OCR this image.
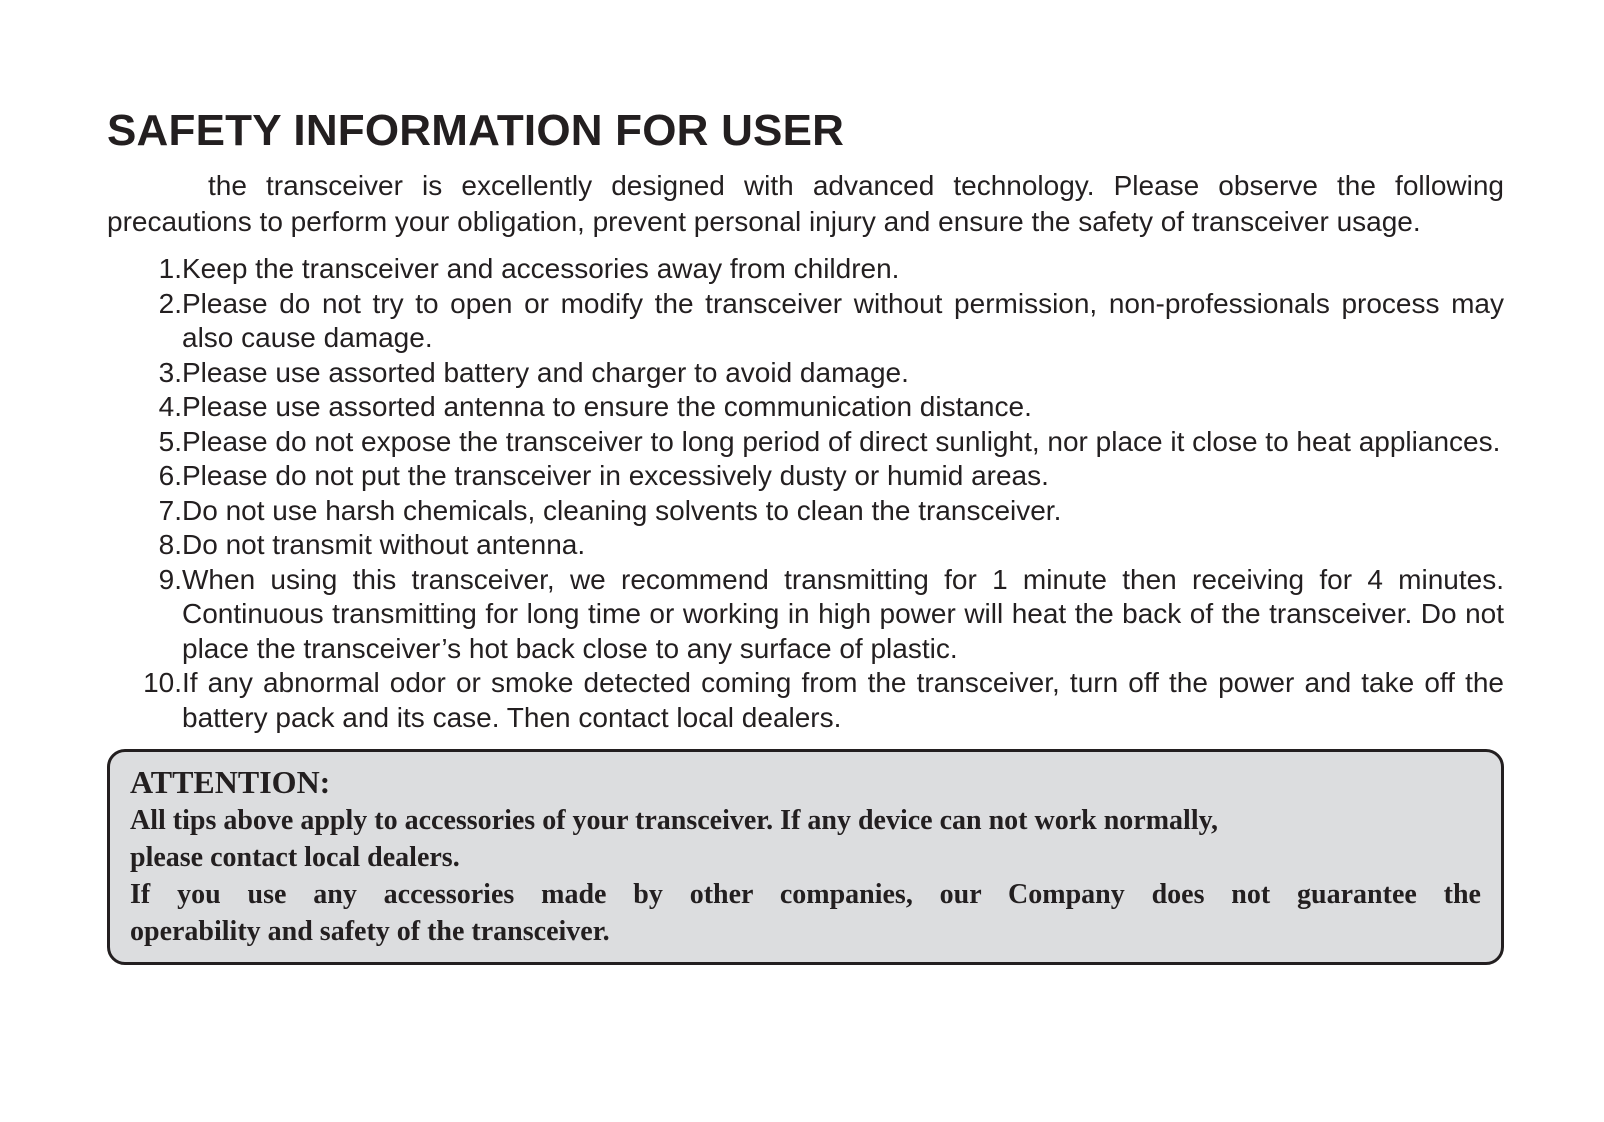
SAFETY INFORMATION FOR USER

the transceiver is excellently designed with advanced technology. Please observe the following precautions to perform your obligation, prevent personal injury and ensure the safety of transceiver usage.

1. Keep the transceiver and accessories away from children.
2. Please do not try to open or modify the transceiver without permission, non-professionals process may also cause damage.
3. Please use assorted battery and charger to avoid damage.
4. Please use assorted antenna to ensure the communication distance.
5. Please do not expose the transceiver to long period of direct sunlight, nor place it close to heat appliances.
6. Please do not put the transceiver in excessively dusty or humid areas.
7. Do not use harsh chemicals, cleaning solvents to clean the transceiver.
8. Do not transmit without antenna.
9. When using this transceiver, we recommend transmitting for 1 minute then receiving for 4 minutes. Continuous transmitting for long time or working in high power will heat the back of the transceiver. Do not place the transceiver’s hot back close to any surface of plastic.
10. If any abnormal odor or smoke detected coming from the transceiver, turn off the power and take off the battery pack and its case. Then contact local dealers.
ATTENTION:
All tips above apply to accessories of your transceiver. If any device can not work normally,
please contact local dealers.
If you use any accessories made by other companies, our Company does not guarantee the
operability and safety of the transceiver.
